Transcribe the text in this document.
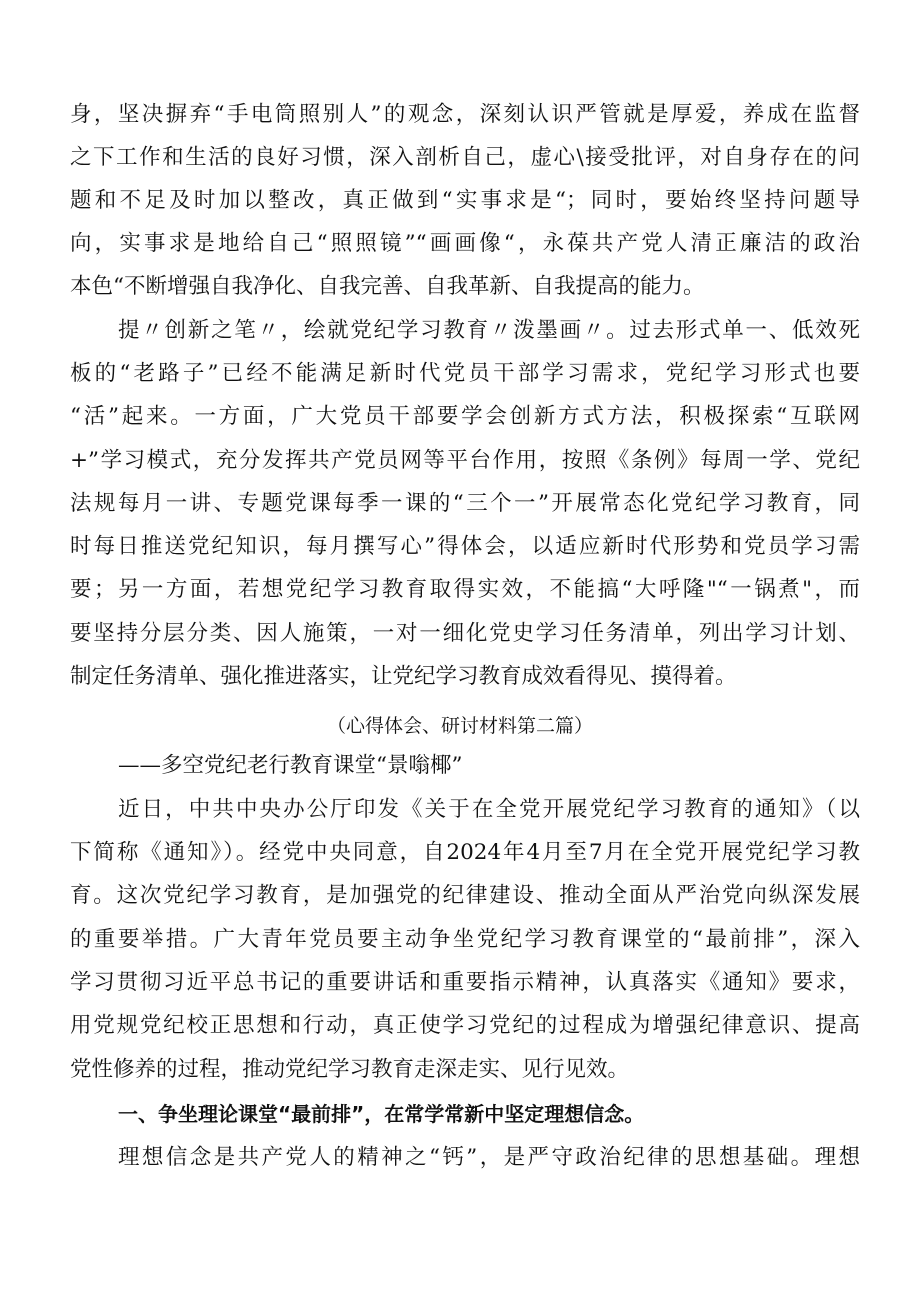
身，坚决摒弃“手电筒照别人”的观念，深刻认识严管就是厚爱，养成在监督
之下工作和生活的良好习惯，深入剖析自己，虚心\接受批评，对自身存在的问
题和不足及时加以整改，真正做到“实事求是“；同时，要始终坚持问题导
向，实事求是地给自己“照照镜”“画画像“，永葆共产党人清正廉洁的政治
本色“不断增强自我净化、自我完善、自我革新、自我提高的能力。
提〃创新之笔〃，绘就党纪学习教育〃泼墨画〃。过去形式单一、低效死
板的“老路子”已经不能满足新时代党员干部学习需求，党纪学习形式也要
“活”起来。一方面，广大党员干部要学会创新方式方法，积极探索“互联网
+”学习模式，充分发挥共产党员网等平台作用，按照《条例》每周一学、党纪
法规每月一讲、专题党课每季一课的“三个一”开展常态化党纪学习教育，同
时每日推送党纪知识，每月撰写心”得体会，以适应新时代形势和党员学习需
要；另一方面，若想党纪学习教育取得实效，不能搞“大呼隆"“一锅煮"，而
要坚持分层分类、因人施策，一对一细化党史学习任务清单，列出学习计划、
制定任务清单、强化推进落实，让党纪学习教育成效看得见、摸得着。
（心得体会、研讨材料第二篇）
——多空党纪老行教育课堂“景嗡椰”
近日，中共中央办公厅印发《关于在全党开展党纪学习教育的通知》（以
下简称《通知》）。经党中央同意，自2024年4月至7月在全党开展党纪学习教
育。这次党纪学习教育，是加强党的纪律建设、推动全面从严治党向纵深发展
的重要举措。广大青年党员要主动争坐党纪学习教育课堂的“最前排”，深入
学习贯彻习近平总书记的重要讲话和重要指示精神，认真落实《通知》要求，
用党规党纪校正思想和行动，真正使学习党纪的过程成为增强纪律意识、提高
党性修养的过程，推动党纪学习教育走深走实、见行见效。
一、争坐理论课堂“最前排”，在常学常新中坚定理想信念。
理想信念是共产党人的精神之“钙”，是严守政治纪律的思想基础。理想
